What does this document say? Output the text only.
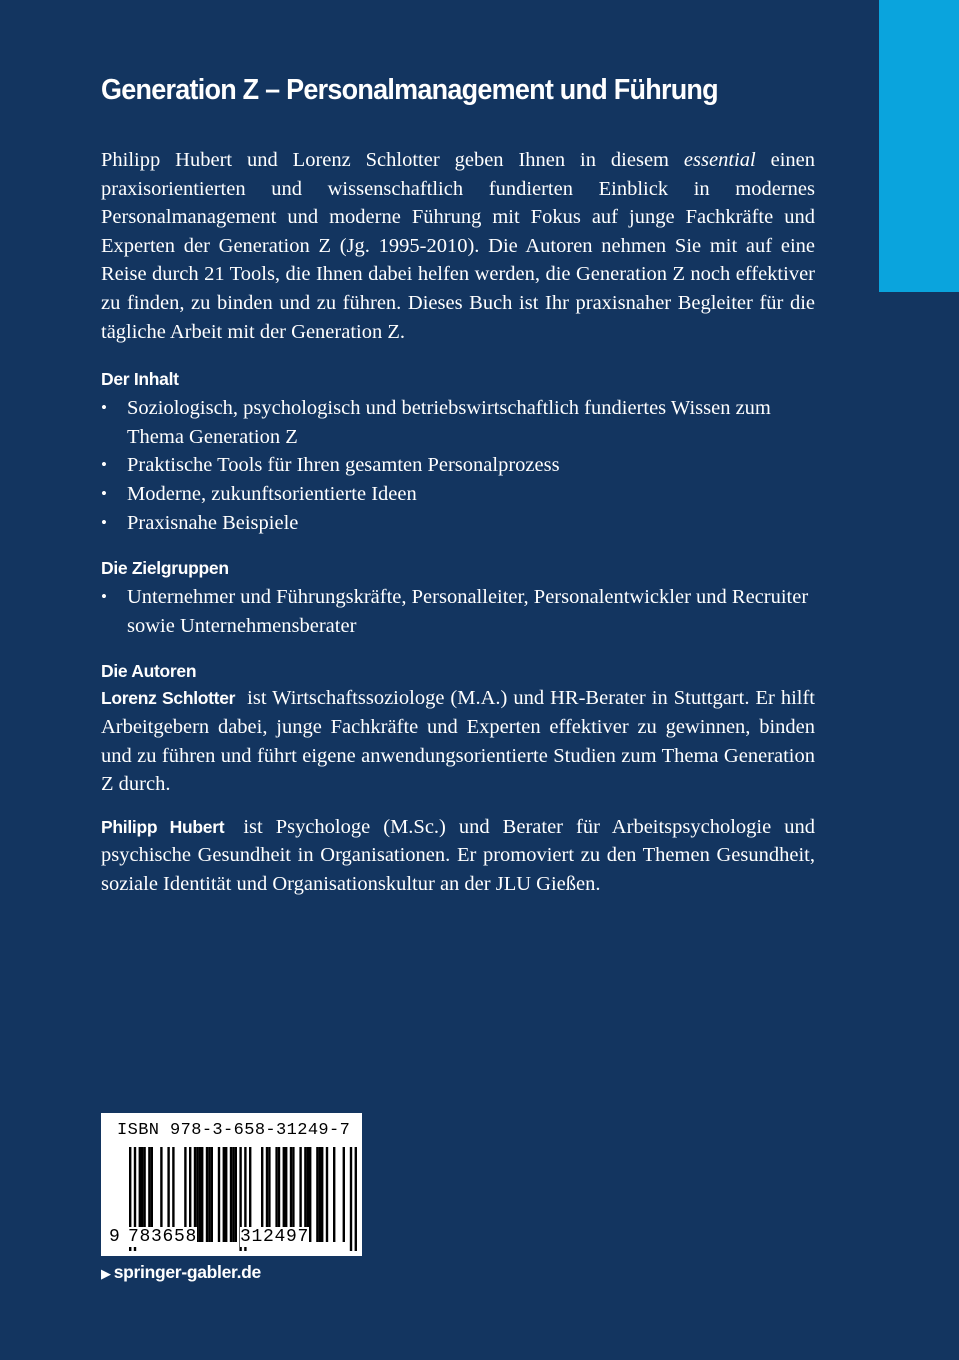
Generation Z – Personalmanagement und Führung

Philipp Hubert und Lorenz Schlotter geben Ihnen in diesem essential einen praxisorientierten und wissenschaftlich fundierten Einblick in modernes Personalmanagement und moderne Führung mit Fokus auf junge Fachkräfte und Experten der Generation Z (Jg. 1995-2010). Die Autoren nehmen Sie mit auf eine Reise durch 21 Tools, die Ihnen dabei helfen werden, die Generation Z noch effektiver zu finden, zu binden und zu führen. Dieses Buch ist Ihr praxisnaher Begleiter für die tägliche Arbeit mit der Generation Z.

Der Inhalt
• Soziologisch, psychologisch und betriebswirtschaftlich fundiertes Wissen zum Thema Generation Z
• Praktische Tools für Ihren gesamten Personalprozess
• Moderne, zukunftsorientierte Ideen
• Praxisnahe Beispiele
Die Zielgruppen
• Unternehmer und Führungskräfte, Personalleiter, Personalentwickler und Recruiter sowie Unternehmensberater
Die Autoren

Lorenz Schlotter ist Wirtschaftssoziologe (M.A.) und HR-Berater in Stuttgart. Er hilft Arbeitgebern dabei, junge Fachkräfte und Experten effektiver zu gewinnen, binden und zu führen und führt eigene anwendungsorientierte Studien zum Thema Generation Z durch.

Philipp Hubert ist Psychologe (M.Sc.) und Berater für Arbeitspsychologie und psychische Gesundheit in Organisationen. Er promoviert zu den Themen Gesundheit, soziale Identität und Organisationskultur an der JLU Gießen.

ISBN 978-3-658-31249-7
9 783658 312497
▶ springer-gabler.de
